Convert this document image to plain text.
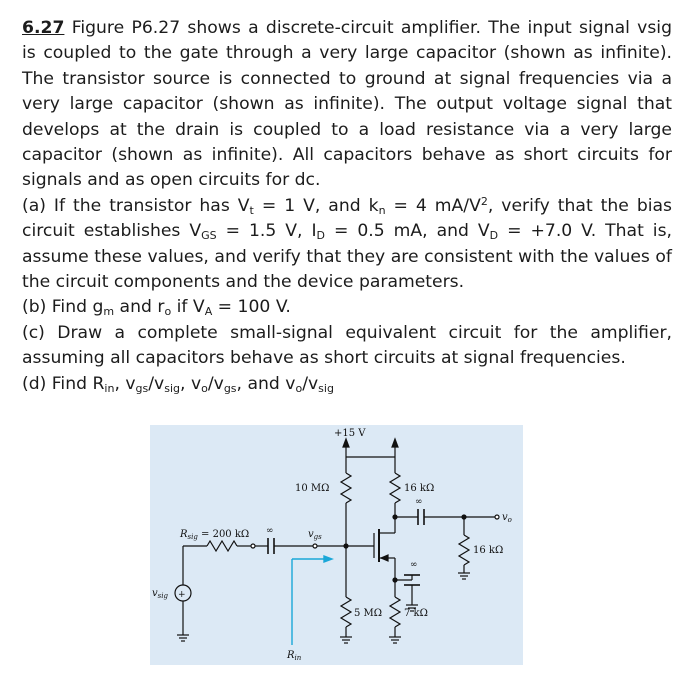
6.27 Figure P6.27 shows a discrete-circuit amplifier. The input signal vsig is coupled to the gate through a very large capacitor (shown as infinite). The transistor source is connected to ground at signal frequencies via a very large capacitor (shown as infinite). The output voltage signal that develops at the drain is coupled to a load resistance via a very large capacitor (shown as infinite). All capacitors behave as short circuits for signals and as open circuits for dc.

(a) If the transistor has $V_t = 1$ V, and $k_n = 4$ $mA/V^2$, verify that the bias circuit establishes $V_{GS} = 1.5$ V, $I_D = 0.5$ mA, and $V_D = +7.0$ V. That is, assume these values, and verify that they are consistent with the values of the circuit components and the device parameters.

(b) Find $g_m$ and $r_o$ if $V_A = 100$ V.

(c) Draw a complete small-signal equivalent circuit for the amplifier, assuming all capacitors behave as short circuits at signal frequencies.

(d) Find $R_{in}$, $v_{gs}/v_{sig}$, $v_o/v_{gs}$, and $v_o/v_{sig}$

+15 V
10 MΩ
5 MΩ
16 kΩ
7 kΩ
16 kΩ
$R_{sig} = 200$ kΩ ∞
∞
∞
$v_{gs}$
$v_o$
$v_{sig}$ +
$R_{in}$
